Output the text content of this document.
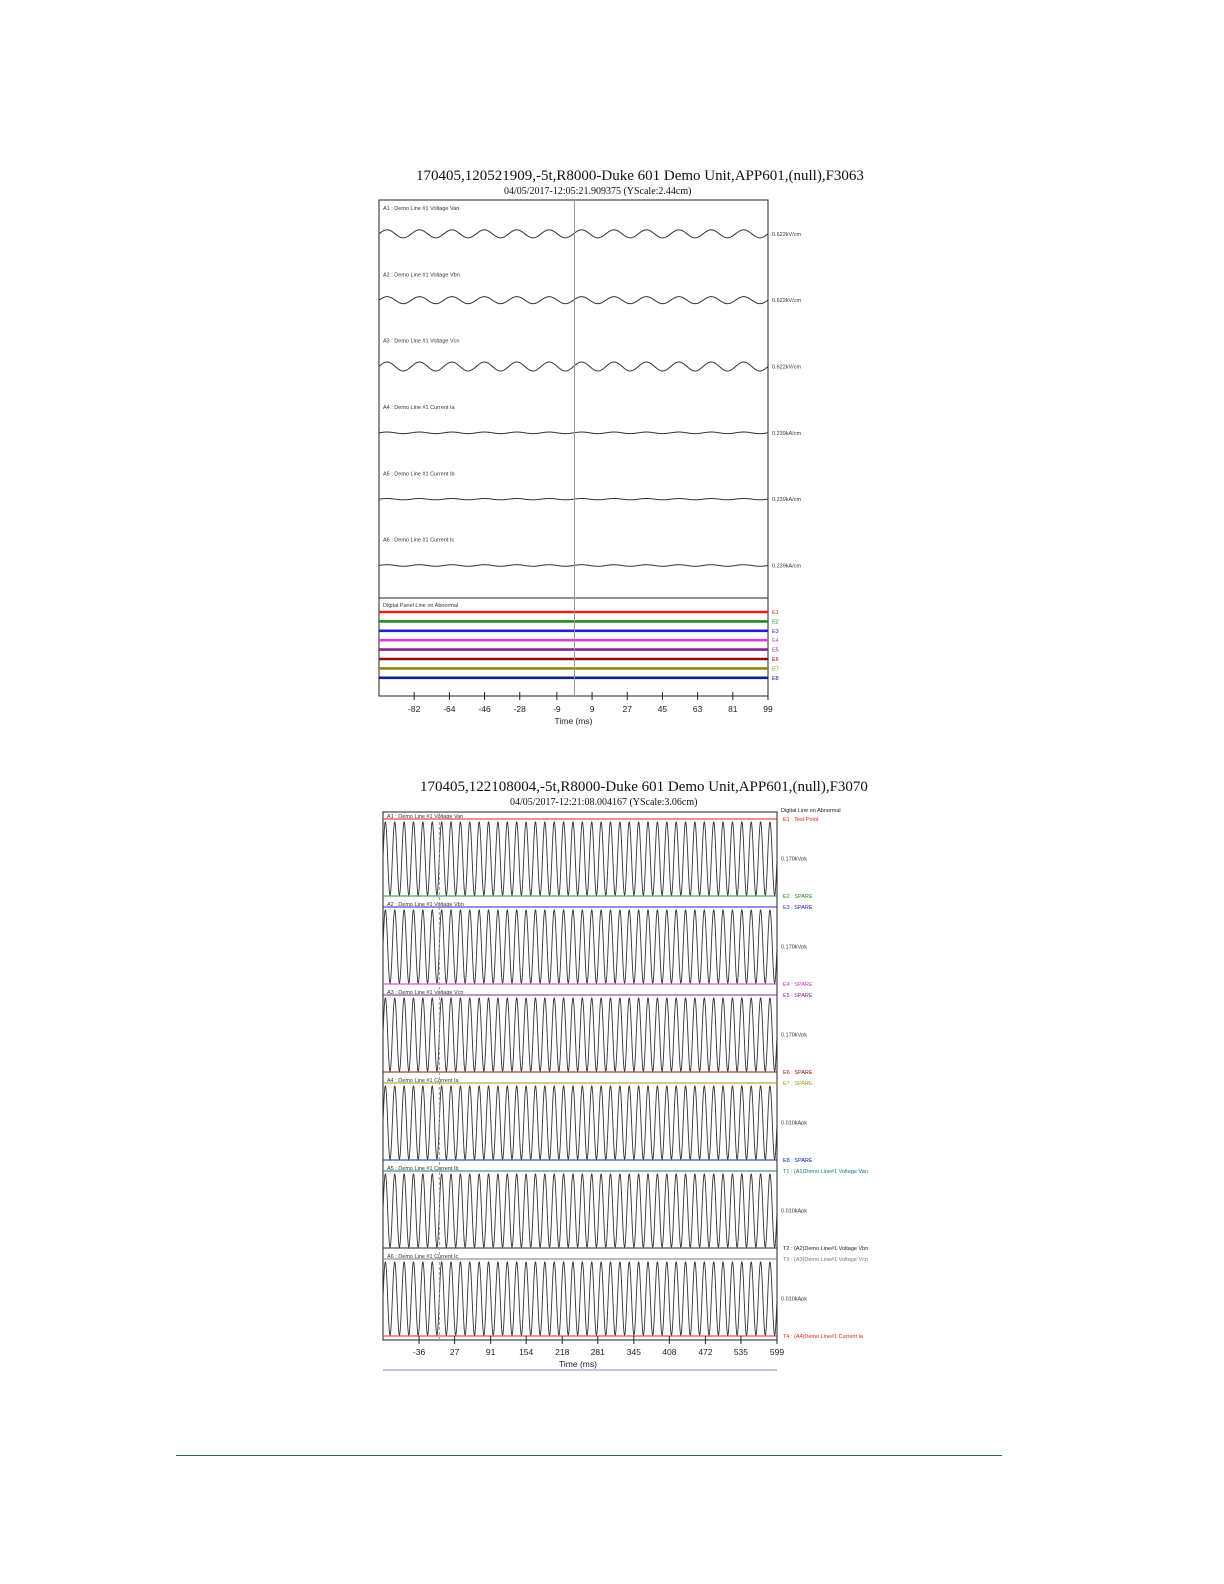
170405,120521909,-5t,R8000-Duke 601 Demo Unit,APP601,(null),F3063
04/05/2017-12:05:21.909375 (YScale:2.44cm)
170405,122108004,-5t,R8000-Duke 601 Demo Unit,APP601,(null),F3070
04/05/2017-12:21:08.004167 (YScale:3.06cm)
A1 : Demo Line #1 Voltage Van
0.622kV/cm
A2 : Demo Line #1 Voltage Vbn
0.622kV/cm
A3 : Demo Line #1 Voltage Vcn
0.622kV/cm
A4 : Demo Line #1 Current Ia
0.239kA/cm
A5 : Demo Line #1 Current Ib
0.239kA/cm
A6 : Demo Line #1 Current Ic
0.239kA/cm
Digital Panel Line on Abnormal
E1
E2
E3
E4
E5
E6
E7
E8
-82	-64	-46	-28	-9	9	27	45	63	81	99
Time (ms)
Digital Line on Abnormal
A1 : Demo Line #1 Voltage Van
0.170kVpk
E1 : Test Point
E2 : SPARE
A2 : Demo Line #1 Voltage Vbn
0.170kVpk
E3 : SPARE
E4 : SPARE
A3 : Demo Line #1 Voltage Vcn
0.170kVpk
E5 : SPARE
E6 : SPARE
A4 : Demo Line #1 Current Ia
0.010kApk
E7 : SPARE
E8 : SPARE
A5 : Demo Line #1 Current Ib
0.010kApk
T1 : (A1)Demo Line#1 Voltage Van
T2 : (A2)Demo Line#1 Voltage Vbn
A6 : Demo Line #1 Current Ic
0.010kApk
T3 : (A3)Demo Line#1 Voltage Vcn
T4 : (A4)Demo Line#1 Current Ia
-36	27	91	154	218	281	345	408	472	535	599
Time (ms)
